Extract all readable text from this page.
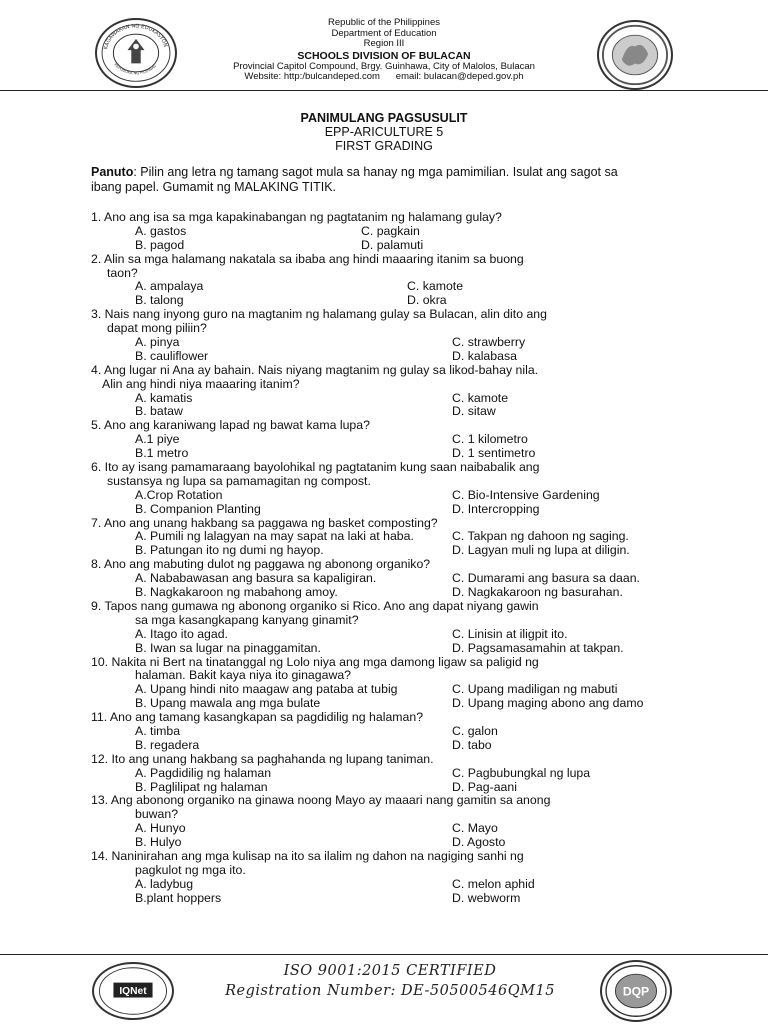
KAGAWARAN NG EDUKASYON
REPUBLIKA NG PILIPINAS
Republic of the Philippines
Department of Education
Region III
SCHOOLS DIVISION OF BULACAN
Provincial Capitol Compound, Brgy. Guinhawa, City of Malolos, Bulacan
Website: http:/bulcandeped.com      email: bulacan@deped.gov.ph
PANIMULANG PAGSUSULIT
EPP-ARICULTURE 5
FIRST GRADING
Panuto: Pilin ang letra ng tamang sagot mula sa hanay ng mga pamimilian. Isulat ang sagot sa
ibang papel. Gumamit ng MALAKING TITIK.
1. Ano ang isa sa mga kapakinabangan ng pagtatanim ng halamang gulay?
A. gastos	C. pagkain
B. pagod	D. palamuti
2. Alin sa mga halamang nakatala sa ibaba ang hindi maaaring itanim sa buong
taon?
A. ampalaya	C. kamote
B. talong	D. okra
3. Nais nang inyong guro na magtanim ng halamang gulay sa Bulacan, alin dito ang
dapat mong piliin?
A. pinya	C. strawberry
B. cauliflower	D. kalabasa
4. Ang lugar ni Ana ay bahain. Nais niyang magtanim ng gulay sa likod-bahay nila.
Alin ang hindi niya maaaring itanim?
A. kamatis	C. kamote
B. bataw	D. sitaw
5. Ano ang karaniwang lapad ng bawat kama lupa?
A.1 piye	C. 1 kilometro
B.1 metro	D. 1 sentimetro
6. Ito ay isang pamamaraang bayolohikal ng pagtatanim kung saan naibabalik ang
sustansya ng lupa sa pamamagitan ng compost.
A.Crop Rotation	C. Bio-Intensive Gardening
B. Companion Planting	D. Intercropping
7. Ano ang unang hakbang sa paggawa ng basket composting?
A. Pumili ng lalagyan na may sapat na laki at haba.	C. Takpan ng dahoon ng saging.
B. Patungan ito ng dumi ng hayop.	D. Lagyan muli ng lupa at diligin.
8. Ano ang mabuting dulot ng paggawa ng abonong organiko?
A. Nababawasan ang basura sa kapaligiran.	C. Dumarami ang basura sa daan.
B. Nagkakaroon ng mabahong amoy.	D. Nagkakaroon ng basurahan.
9. Tapos nang gumawa ng abonong organiko si Rico. Ano ang dapat niyang gawin
sa mga kasangkapang kanyang ginamit?
A. Itago ito agad.	C. Linisin at iligpit ito.
B. Iwan sa lugar na pinaggamitan.	D. Pagsamasamahin at takpan.
10. Nakita ni Bert na tinatanggal ng Lolo niya ang mga damong ligaw sa paligid ng
halaman. Bakit kaya niya ito ginagawa?
A. Upang hindi nito maagaw ang pataba at tubig	C. Upang madiligan ng mabuti
B. Upang mawala ang mga bulate	D. Upang maging abono ang damo
11. Ano ang tamang kasangkapan sa pagdidilig ng halaman?
A. timba	C. galon
B. regadera	D. tabo
12. Ito ang unang hakbang sa paghahanda ng lupang taniman.
A. Pagdidilig ng halaman	C. Pagbubungkal ng lupa
B. Paglilipat ng halaman	D. Pag-aani
13. Ang abonong organiko na ginawa noong Mayo ay maaari nang gamitin sa anong
buwan?
A. Hunyo	C. Mayo
B. Hulyo	D. Agosto
14. Naninirahan ang mga kulisap na ito sa ilalim ng dahon na nagiging sanhi ng
pagkulot ng mga ito.
A. ladybug	C. melon aphid
B.plant hoppers	D. webworm
IQNet
ISO 9001:2015 CERTIFIED
Registration Number: DE-50500546QM15	DQP
